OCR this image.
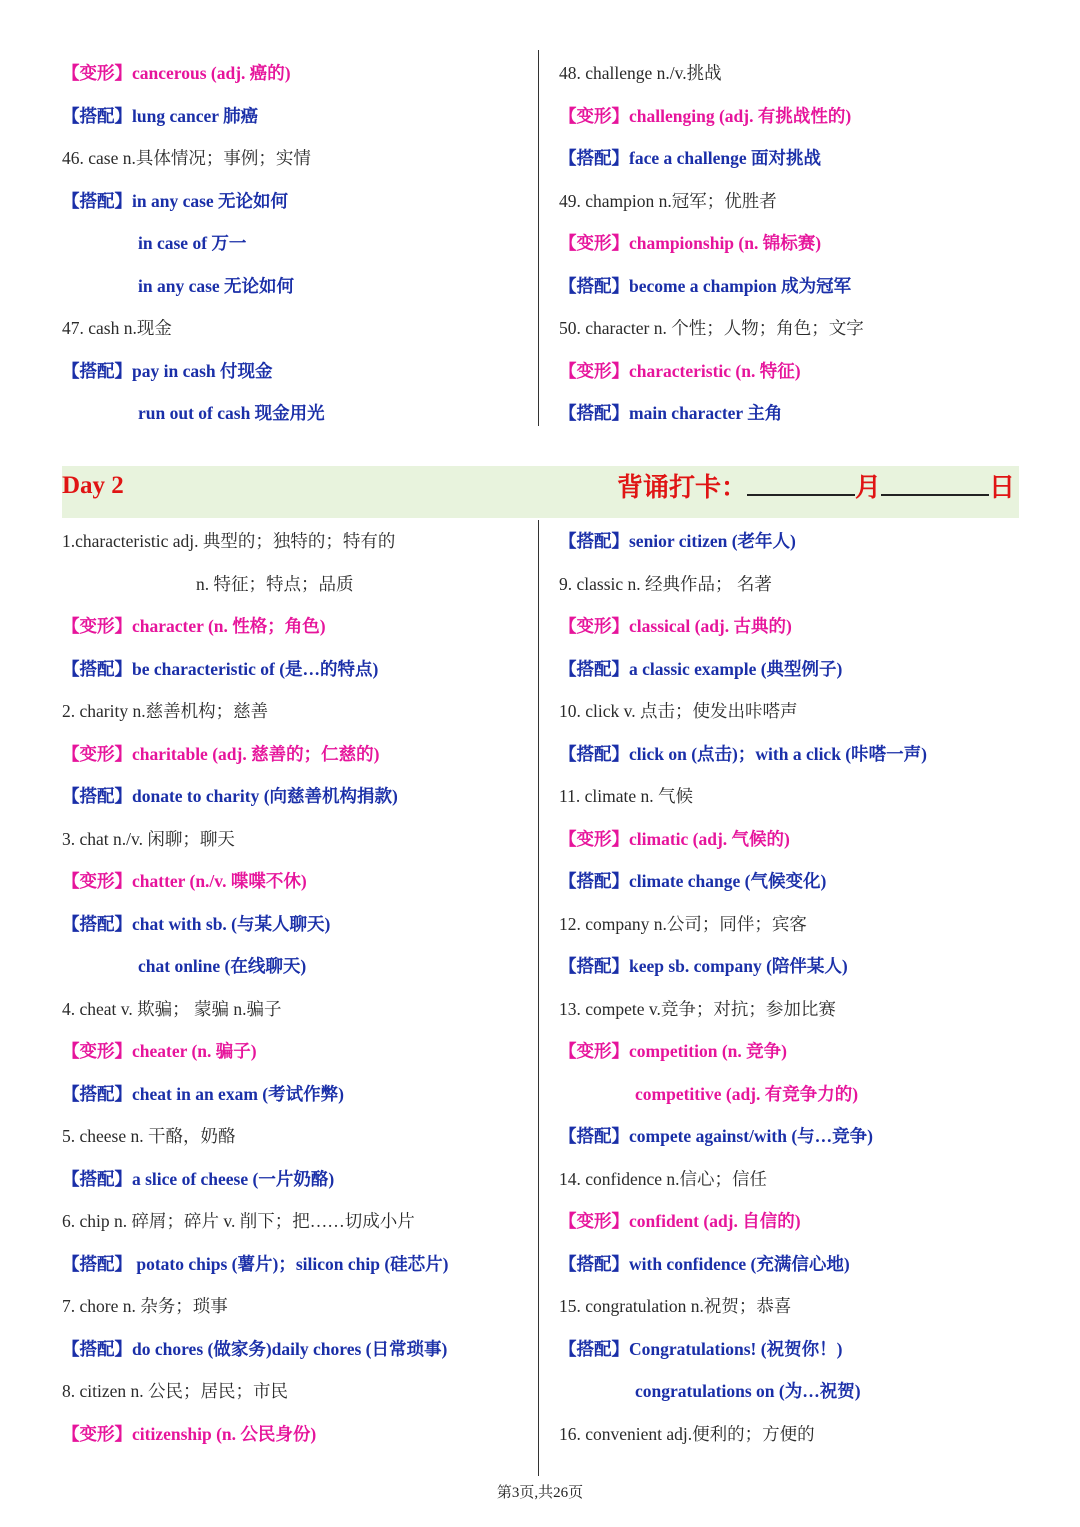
【变形】cancerous (adj. 癌的)
【搭配】lung cancer 肺癌
46. case n.具体情况；事例；实情
【搭配】in any case 无论如何
in case of 万一
in any case 无论如何
47. cash n.现金
【搭配】pay in cash 付现金
run out of cash 现金用光
48. challenge n./v.挑战
【变形】challenging (adj. 有挑战性的)
【搭配】face a challenge 面对挑战
49. champion n.冠军；优胜者
【变形】championship (n. 锦标赛)
【搭配】become a champion 成为冠军
50. character n. 个性；人物；角色；文字
【变形】characteristic (n. 特征)
【搭配】main character 主角
Day 2	背诵打卡：	月	日
1.characteristic adj. 典型的；独特的；特有的
n. 特征；特点；品质
【变形】character (n. 性格；角色)
【搭配】be characteristic of (是…的特点)
2. charity n.慈善机构；慈善
【变形】charitable (adj. 慈善的；仁慈的)
【搭配】donate to charity (向慈善机构捐款)
3. chat n./v. 闲聊；聊天
【变形】chatter (n./v. 喋喋不休)
【搭配】chat with sb. (与某人聊天)
chat online (在线聊天)
4. cheat v. 欺骗； 蒙骗 n.骗子
【变形】cheater (n. 骗子)
【搭配】cheat in an exam (考试作弊)
5. cheese n. 干酪，奶酪
【搭配】a slice of cheese (一片奶酪)
6. chip n. 碎屑；碎片 v. 削下；把……切成小片
【搭配】 potato chips (薯片)；silicon chip (硅芯片)
7. chore n. 杂务；琐事
【搭配】do chores (做家务)daily chores (日常琐事)
8. citizen n. 公民；居民；市民
【变形】citizenship (n. 公民身份)
【搭配】senior citizen (老年人)
9. classic n. 经典作品； 名著
【变形】classical (adj. 古典的)
【搭配】a classic example (典型例子)
10. click v. 点击；使发出咔嗒声
【搭配】click on (点击)；with a click (咔嗒一声)
11. climate n. 气候
【变形】climatic (adj. 气候的)
【搭配】climate change (气候变化)
12. company n.公司；同伴；宾客
【搭配】keep sb. company (陪伴某人)
13. compete v.竞争；对抗；参加比赛
【变形】competition (n. 竞争)
competitive (adj. 有竞争力的)
【搭配】compete against/with (与…竞争)
14. confidence n.信心；信任
【变形】confident (adj. 自信的)
【搭配】with confidence (充满信心地)
15. congratulation n.祝贺；恭喜
【搭配】Congratulations! (祝贺你！)
congratulations on (为…祝贺)
16. convenient adj.便利的；方便的
第3页,共26页
